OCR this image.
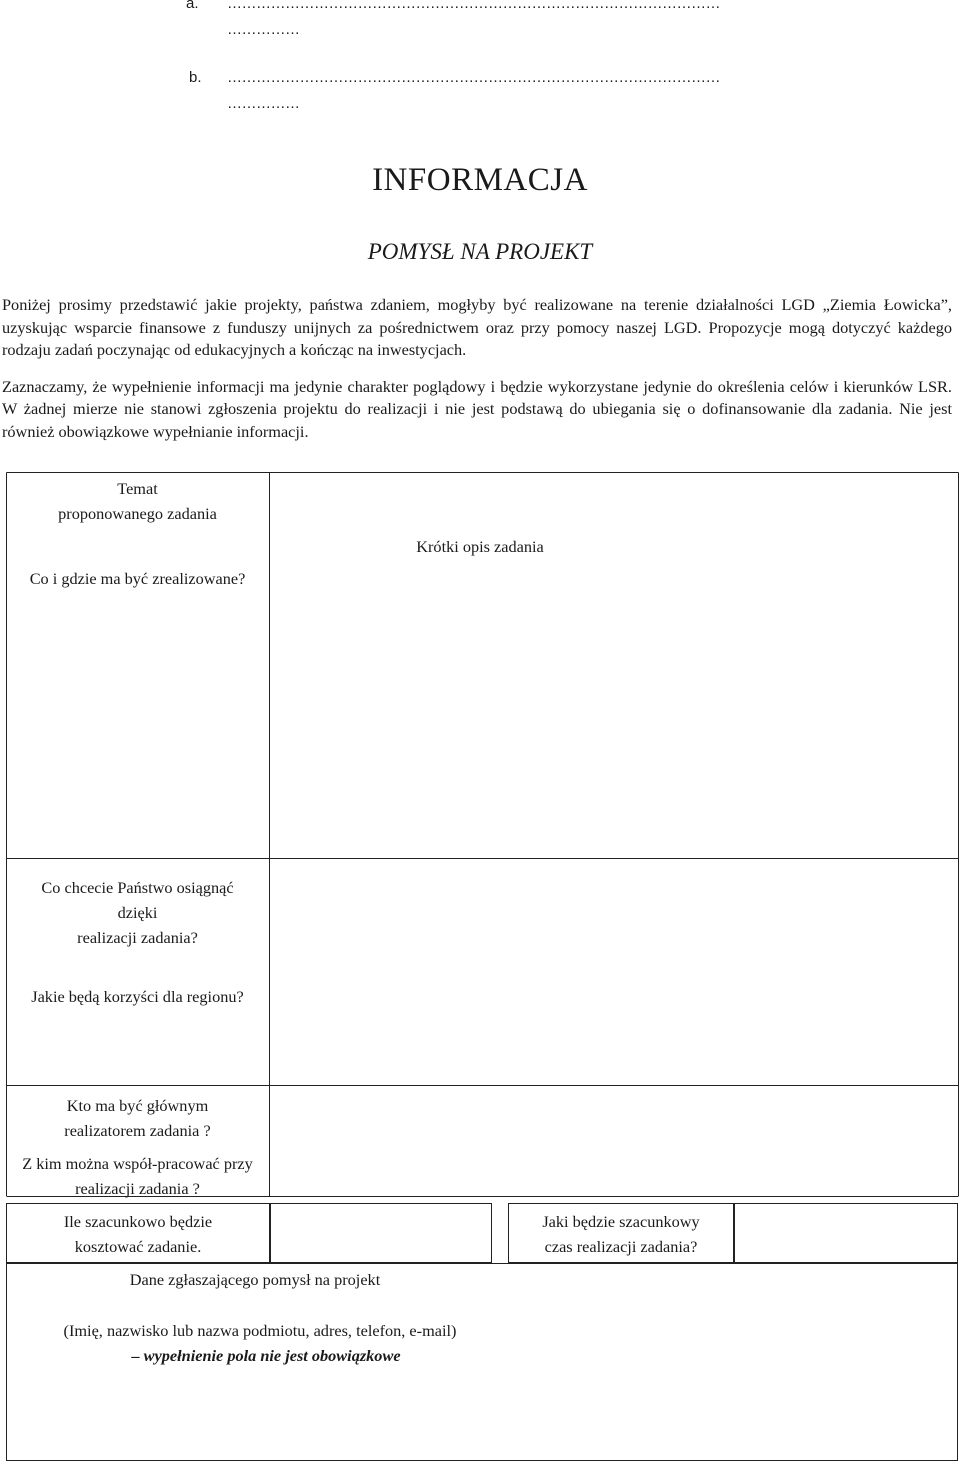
a. …………………………………………………………………………………………
……………
b. …………………………………………………………………………………………
……………
INFORMACJA
POMYSŁ NA PROJEKT

Poniżej prosimy przedstawić jakie projekty, państwa zdaniem, mogłyby być realizowane na terenie działalności LGD „Ziemia Łowicka”, uzyskując wsparcie finansowe z funduszy unijnych za pośrednictwem oraz przy pomocy naszej LGD. Propozycje mogą dotyczyć każdego rodzaju zadań poczynając od edukacyjnych a kończąc na inwestycjach.

Zaznaczamy, że wypełnienie informacji ma jedynie charakter poglądowy i będzie wykorzystane jedynie do określenia celów i kierunków LSR. W żadnej mierze nie stanowi zgłoszenia projektu do realizacji i nie jest podstawą do ubiegania się o dofinansowanie dla zadania. Nie jest również obowiązkowe wypełnianie informacji.

Temat
proponowanego zadania
Co i gdzie ma być zrealizowane?
Krótki opis zadania
Co chcecie Państwo osiągnąć
dzięki
realizacji zadania?
Jakie będą korzyści dla regionu?
Kto ma być głównym
realizatorem zadania ?
Z kim można współ-pracować przy
realizacji zadania ?
Ile szacunkowo będzie
kosztować zadanie.
Jaki będzie szacunkowy
czas realizacji zadania?
Dane zgłaszającego pomysł na projekt
(Imię, nazwisko lub nazwa podmiotu, adres, telefon, e-mail)
– wypełnienie pola nie jest obowiązkowe
